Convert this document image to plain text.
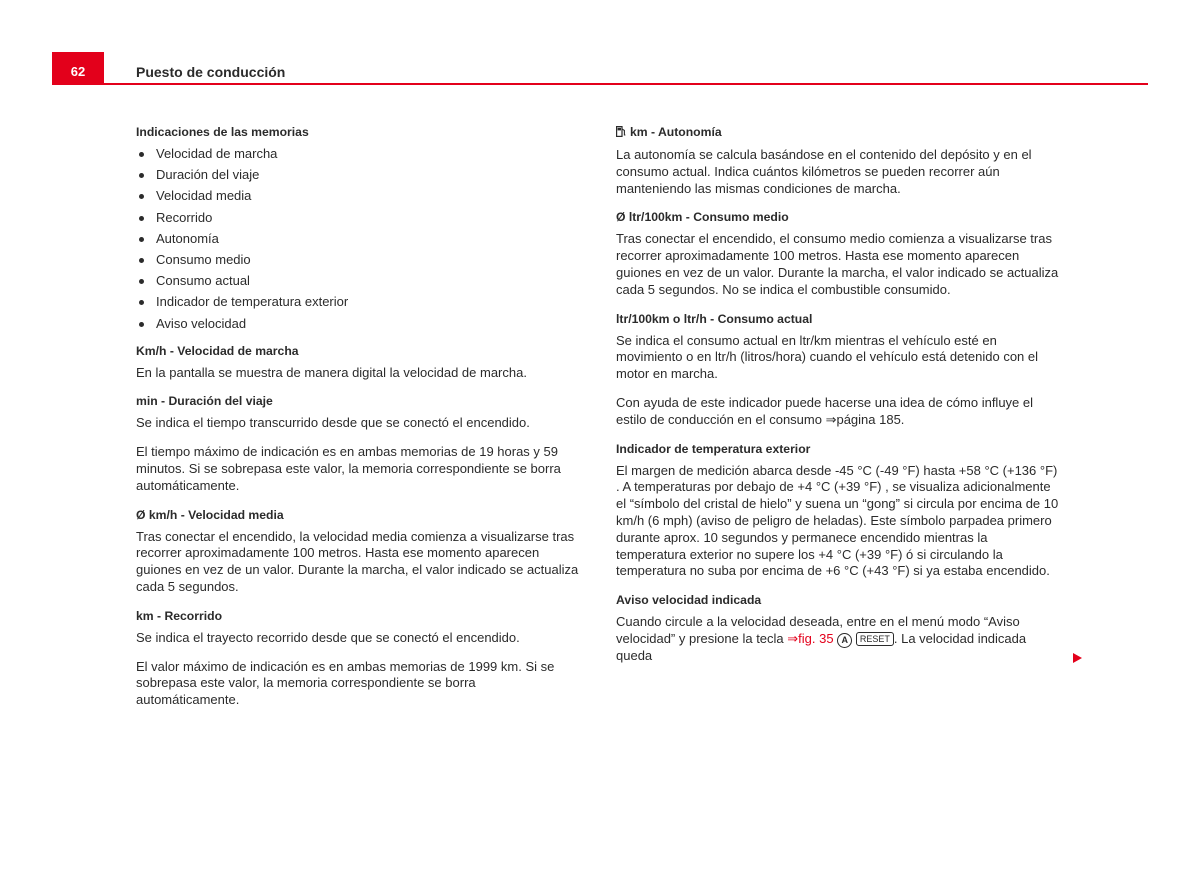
62	Puesto de conducción
Indicaciones de las memorias
Velocidad de marcha
Duración del viaje
Velocidad media
Recorrido
Autonomía
Consumo medio
Consumo actual
Indicador de temperatura exterior
Aviso velocidad
Km/h - Velocidad de marcha

En la pantalla se muestra de manera digital la velocidad de marcha.

min - Duración del viaje

Se indica el tiempo transcurrido desde que se conectó el encendido.

El tiempo máximo de indicación es en ambas memorias de 19 horas y 59 minutos. Si se sobrepasa este valor, la memoria correspondiente se borra automáticamente.

Ø km/h - Velocidad media

Tras conectar el encendido, la velocidad media comienza a visualizarse tras recorrer aproximadamente 100 metros. Hasta ese momento aparecen guiones en vez de un valor. Durante la marcha, el valor indicado se actualiza cada 5 segundos.

km - Recorrido

Se indica el trayecto recorrido desde que se conectó el encendido.

El valor máximo de indicación es en ambas memorias de 1999 km. Si se sobrepasa este valor, la memoria correspondiente se borra automáticamente.

km - Autonomía

La autonomía se calcula basándose en el contenido del depósito y en el consumo actual. Indica cuántos kilómetros se pueden recorrer aún manteniendo las mismas condiciones de marcha.

Ø ltr/100km - Consumo medio

Tras conectar el encendido, el consumo medio comienza a visualizarse tras recorrer aproximadamente 100 metros. Hasta ese momento aparecen guiones en vez de un valor. Durante la marcha, el valor indicado se actualiza cada 5 segundos. No se indica el combustible consumido.

ltr/100km o ltr/h - Consumo actual

Se indica el consumo actual en ltr/km mientras el vehículo esté en movimiento o en ltr/h (litros/hora) cuando el vehículo está detenido con el motor en marcha.

Con ayuda de este indicador puede hacerse una idea de cómo influye el estilo de conducción en el consumo ⇒página 185.

Indicador de temperatura exterior

El margen de medición abarca desde -45 °C (-49 °F) hasta +58 °C (+136 °F) . A temperaturas por debajo de +4 °C (+39 °F) , se visualiza adicionalmente el “símbolo del cristal de hielo” y suena un “gong” si circula por encima de 10 km/h (6 mph) (aviso de peligro de heladas). Este símbolo parpadea primero durante aprox. 10 segundos y permanece encendido mientras la temperatura exterior no supere los +4 °C (+39 °F) ó si circulando la temperatura no suba por encima de +6 °C (+43 °F) si ya estaba encendido.

Aviso velocidad indicada

Cuando circule a la velocidad deseada, entre en el menú modo “Aviso velocidad” y presione la tecla ⇒fig. 35 A RESET . La velocidad indicada queda
